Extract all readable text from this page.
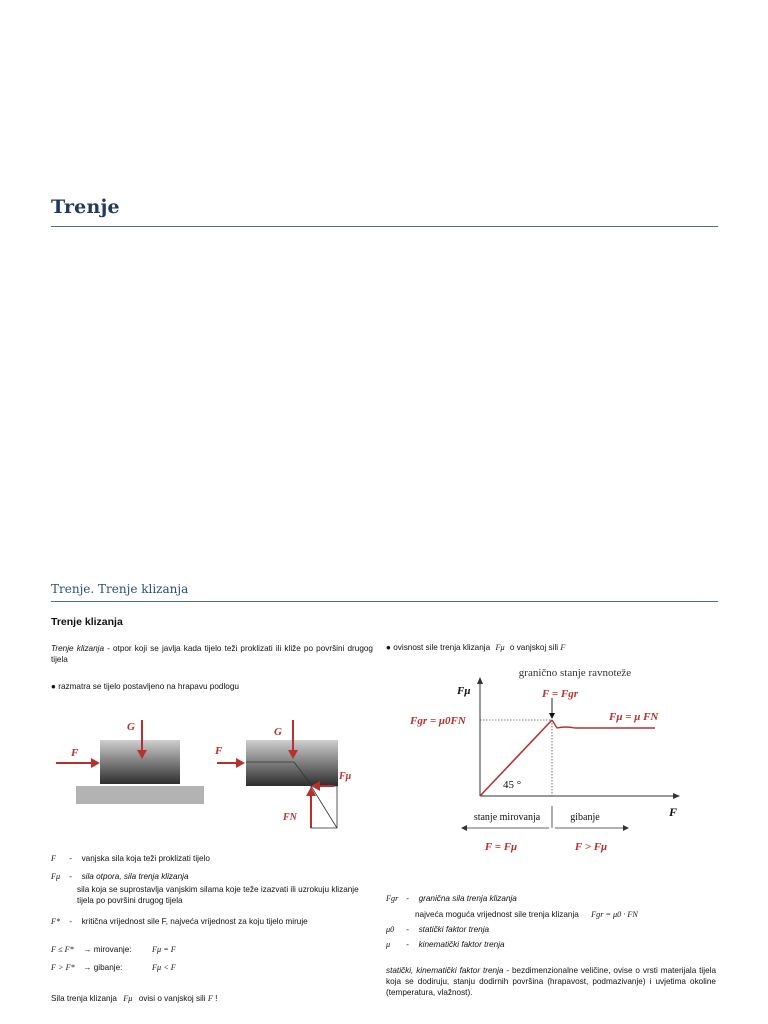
Trenje
Trenje. Trenje klizanja
Trenje klizanja
Trenje klizanja - otpor koji se javlja kada tijelo teži proklizati ili kliže po površini drugog tijela
● razmatra se tijelo postavljeno na hrapavu podlogu
G
F
G
F
Fμ
FN
F - vanjska sila koja teži proklizati tijelo
Fμ - sila otpora, sila trenja klizanja
sila koja se suprostavlja vanjskim silama koje teže izazvati ili uzrokuju klizanje tijela po površini drugog tijela
F* - kritična vrijednost sile F, najveća vrijednost za koju tijelo miruje
F ≤ F* → mirovanje:	Fμ = F
F > F* → gibanje:	Fμ < F
Sila trenja klizanja Fμ ovisi o vanjskoj sili F !
● ovisnost sile trenja klizanja Fμ o vanjskoj sili F
granično stanje ravnoteže
Fμ
F
F = Fgr
Fgr = μ0FN	Fμ = μ FN
45 °
stanje mirovanja	gibanje
F = Fμ	F > Fμ
Fgr - granična sila trenja klizanja
najveća moguća vrijednost sile trenja klizanja Fgr = μ0 · FN
μ0 - statički faktor trenja
μ - kinematički faktor trenja
statički, kinematički faktor trenja - bezdimenzionalne veličine, ovise o vrsti materijala tijela koja se dodiruju, stanju dodirnih površina (hrapavost, podmazivanje) i uvjetima okoline (temperatura, vlažnost).
